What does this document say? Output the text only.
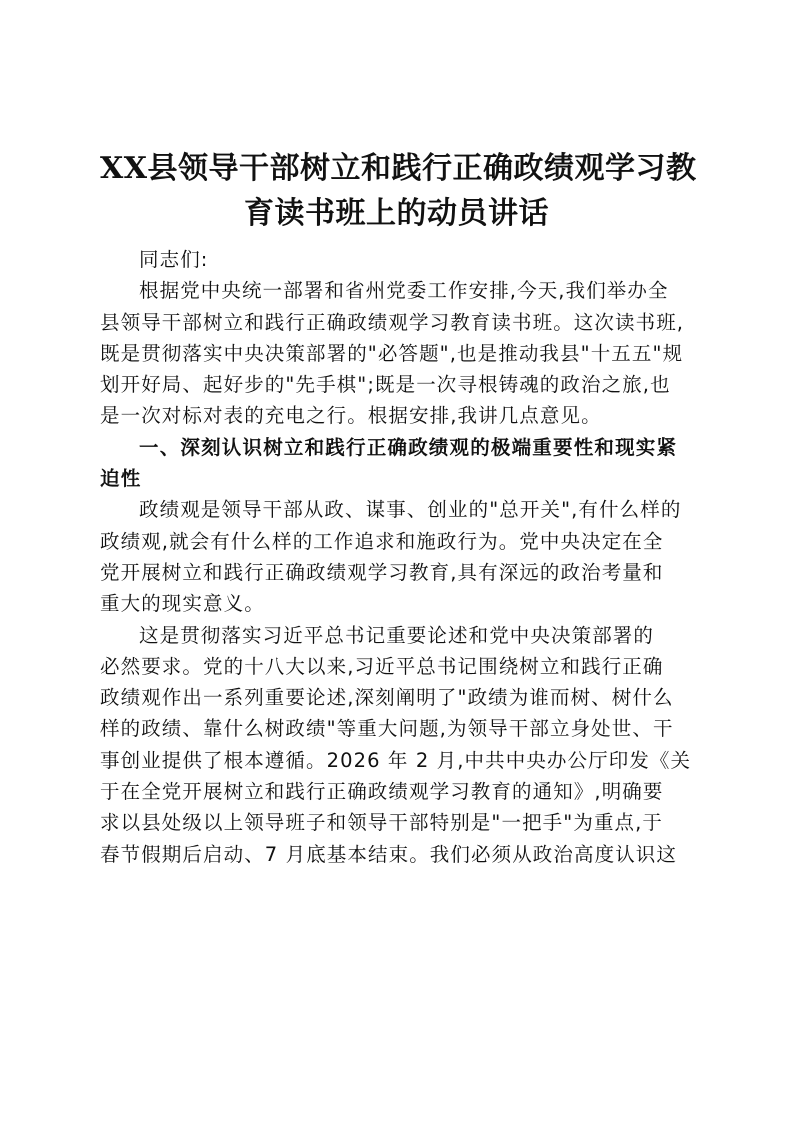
XX县领导干部树立和践行正确政绩观学习教
育读书班上的动员讲话

同志们:

根据党中央统一部署和省州党委工作安排,今天,我们举办全
县领导干部树立和践行正确政绩观学习教育读书班。这次读书班,
既是贯彻落实中央决策部署的"必答题",也是推动我县"十五五"规
划开好局、起好步的"先手棋";既是一次寻根铸魂的政治之旅,也
是一次对标对表的充电之行。根据安排,我讲几点意见。

一、深刻认识树立和践行正确政绩观的极端重要性和现实紧
迫性

政绩观是领导干部从政、谋事、创业的"总开关",有什么样的
政绩观,就会有什么样的工作追求和施政行为。党中央决定在全
党开展树立和践行正确政绩观学习教育,具有深远的政治考量和
重大的现实意义。

这是贯彻落实习近平总书记重要论述和党中央决策部署的
必然要求。党的十八大以来,习近平总书记围绕树立和践行正确
政绩观作出一系列重要论述,深刻阐明了"政绩为谁而树、树什么
样的政绩、靠什么树政绩"等重大问题,为领导干部立身处世、干
事创业提供了根本遵循。2026 年 2 月,中共中央办公厅印发《关
于在全党开展树立和践行正确政绩观学习教育的通知》,明确要
求以县处级以上领导班子和领导干部特别是"一把手"为重点,于
春节假期后启动、7 月底基本结束。我们必须从政治高度认识这
